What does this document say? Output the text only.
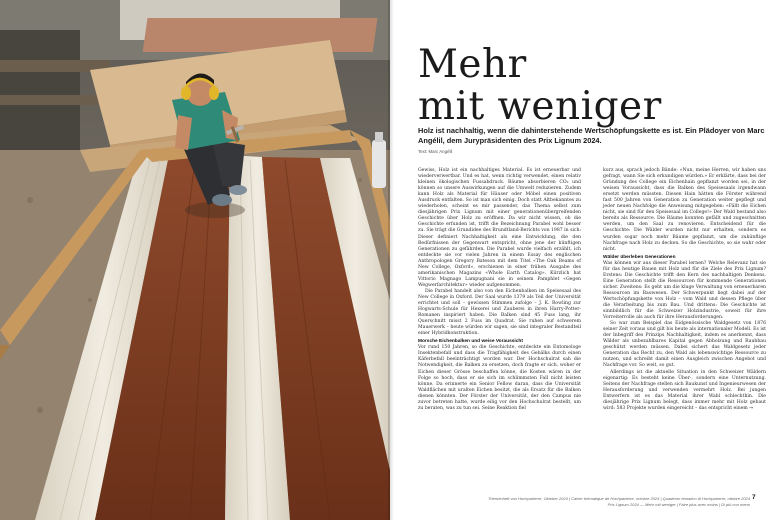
Mehr
mit weniger

Holz ist nachhaltig, wenn die dahinterstehende Wertschöpfungskette es ist. Ein Plädoyer von Marc Angélil, dem Jurypräsidenten des Prix Lignum 2024.

Text: Marc Angélil

Gewiss, Holz ist ein nachhaltiges Material. Es ist erneuerbar und wiederverwertbar. Und es hat, wenn richtig verwendet, einen relativ kleinen ökologischen Fussabdruck. Bäume absorbieren CO₂ und können so unsere Auswirkungen auf die Umwelt reduzieren. Zudem kann Holz als Material für Häuser oder Möbel einen positiven Ausdruck entfalten. So ist man sich einig. Doch statt Altbekanntes zu wiederholen, scheint es mir passender, das Thema selbst zum diesjährigen Prix Lignum mit einer generationenübergreifenden Geschichte über Holz zu eröffnen. Da wir nicht wissen, ob die Geschichte erfunden ist, trifft die Bezeichnung Parabel wohl besser zu. Sie trägt die Grundidee des Brundtland-Berichts von 1987 in sich: Dieser definiert Nachhaltigkeit als eine Entwicklung, die den Bedürfnissen der Gegenwart entspricht, ohne jene der künftigen Generationen zu gefährden. Die Parabel wurde vielfach erzählt, ich entdeckte sie vor vielen Jahren in einem Essay des englischen Anthropologen Gregory Bateson mit dem Titel «The Oak Beams of New College, Oxford», erschienen in einer frühen Ausgabe des amerikanischen Magazins «Whole Earth Catalog». Kürzlich hat Vittorio Magnago Lampugnani sie in seinem Pamphlet «Gegen Wegwerfarchitektur» wieder aufgenommen.

Die Parabel handelt also von den Eichenbalken im Speisesaal des New College in Oxford. Der Saal wurde 1379 als Teil der Universität errichtet und soll – gewissen Stimmen zufolge – J. K. Rowling zur Hogwarts-Schule für Hexerei und Zauberei in ihren Harry-Potter-Romanen inspiriert haben. Die Balken sind 45 Fuss lang, ihr Querschnitt misst 2 Fuss im Quadrat. Sie ruhen auf schwerem Mauerwerk – heute würden wir sagen, sie sind integraler Bestandteil einer Hybridkonstruktion.

Morsche Eichenbalken und weise Voraussicht

Vor rund 150 Jahren, so die Geschichte, entdeckte ein Entomologe Insektenbefall und dass die Tragfähigkeit des Gebälks durch einen Käferbefall beeinträchtigt worden war. Der Hochschulrat sah die Notwendigkeit, die Balken zu ersetzen, doch fragte er sich, woher er Eichen dieser Grösse beschaffen könne, die Kosten wären in der Folge so hoch, dass er sie sich im schlimmsten Fall nicht leisten könne. Da erinnerte ein Senior Fellow daran, dass die Universität Waldflächen mit uralten Eichen besitzt, die als Ersatz für die Balken dienen könnten. Der Förster der Universität, der den Campus nie zuvor betreten hatte, wurde eilig vor den Hochschulrat bestellt, um zu beraten, was zu tun sei. Seine Reaktion fiel

kurz aus, sprach jedoch Bände: «Nun, meine Herren, wir haben uns gefragt, wann Sie sich erkundigen würden.» Er erklärte, dass bei der Gründung des College ein Eichenhain gepflanzt worden sei, in der weisen Voraussicht, dass die Balken des Speisesaals irgendwann ersetzt werden müssten. Diesen Hain hätten die Förster während fast 500 Jahren von Generation zu Generation weiter gepflegt und jeder neuen Nachfolge die Anweisung mitgegeben: «Fällt die Eichen nicht, sie sind für den Speisesaal im College!» Der Wald bestand also bereits als Ressource. Die Bäume konnten gefällt und zugeschnitten werden, um den Saal zu renovieren. Entscheidend für die Geschichte: Die Wälder wurden nicht nur erhalten, sondern es wurden sogar noch mehr Bäume gepflanzt, um die zukünftige Nachfrage nach Holz zu decken. So die Geschichte, so sie wahr oder nicht.

Wälder überleben Generationen

Was können wir aus dieser Parabel lernen? Welche Relevanz hat sie für das heutige Bauen mit Holz und für die Ziele des Prix Lignum? Erstens: Die Geschichte trifft den Kern des nachhaltigen Denkens. Eine Generation stellt die Ressourcen für kommende Generationen sicher. Zweitens: Es geht um die kluge Verwaltung von erneuerbaren Ressourcen im Bauwesen. Der Schwerpunkt liegt dabei auf der Wertschöpfungskette von Holz – vom Wald und dessen Pflege über die Verarbeitung bis zum Bau. Und drittens: Die Geschichte ist sinnbildlich für die Schweizer Holzindustrie, soweit für ihre Vorreiterrolle als auch für ihre Herausforderungen.

So war zum Beispiel das Eidgenössische Waldgesetz von 1876 seiner Zeit voraus und gilt bis heute als internationaler Modell. Es ist der Inbegriff des Prinzips Nachhaltigkeit, indem es anerkennt, dass Wälder als unbezahlbares Kapital gegen Abholzung und Raubbau geschützt werden müssen. Dabei sichert das Waldgesetz jeder Generation das Recht zu, den Wald als lebenswichtige Ressource zu nutzen, und schreibt damit einen Ausgleich zwischen Angebot und Nachfrage vor. So weit, so gut.

Allerdings ist die aktuelle Situation in den Schweizer Wäldern eigenartig: Es besteht keine Über-, sondern eine Unternutzung. Seitens der Nachfrage stellen sich Baukunst und Ingenieurwesen der Herausforderung und verwenden vermehrt Holz. Bei jungen Entwerfern ist es das Material ihrer Wahl schlechthin. Die diesjährige Prix Lignum belegt, dass immer mehr mit Holz gebaut wird: 583 Projekte wurden eingereicht – das entspricht einem →

Themenheft von Hochparterre, Oktober 2024 | Cahier thématique de Hochparterre, octobre 2024 | Quaderno tematico di Hochparterre, ottobre 2024
Prix Lignum 2024 — Mehr mit weniger | Faire plus avec moins | Di più con meno

7
